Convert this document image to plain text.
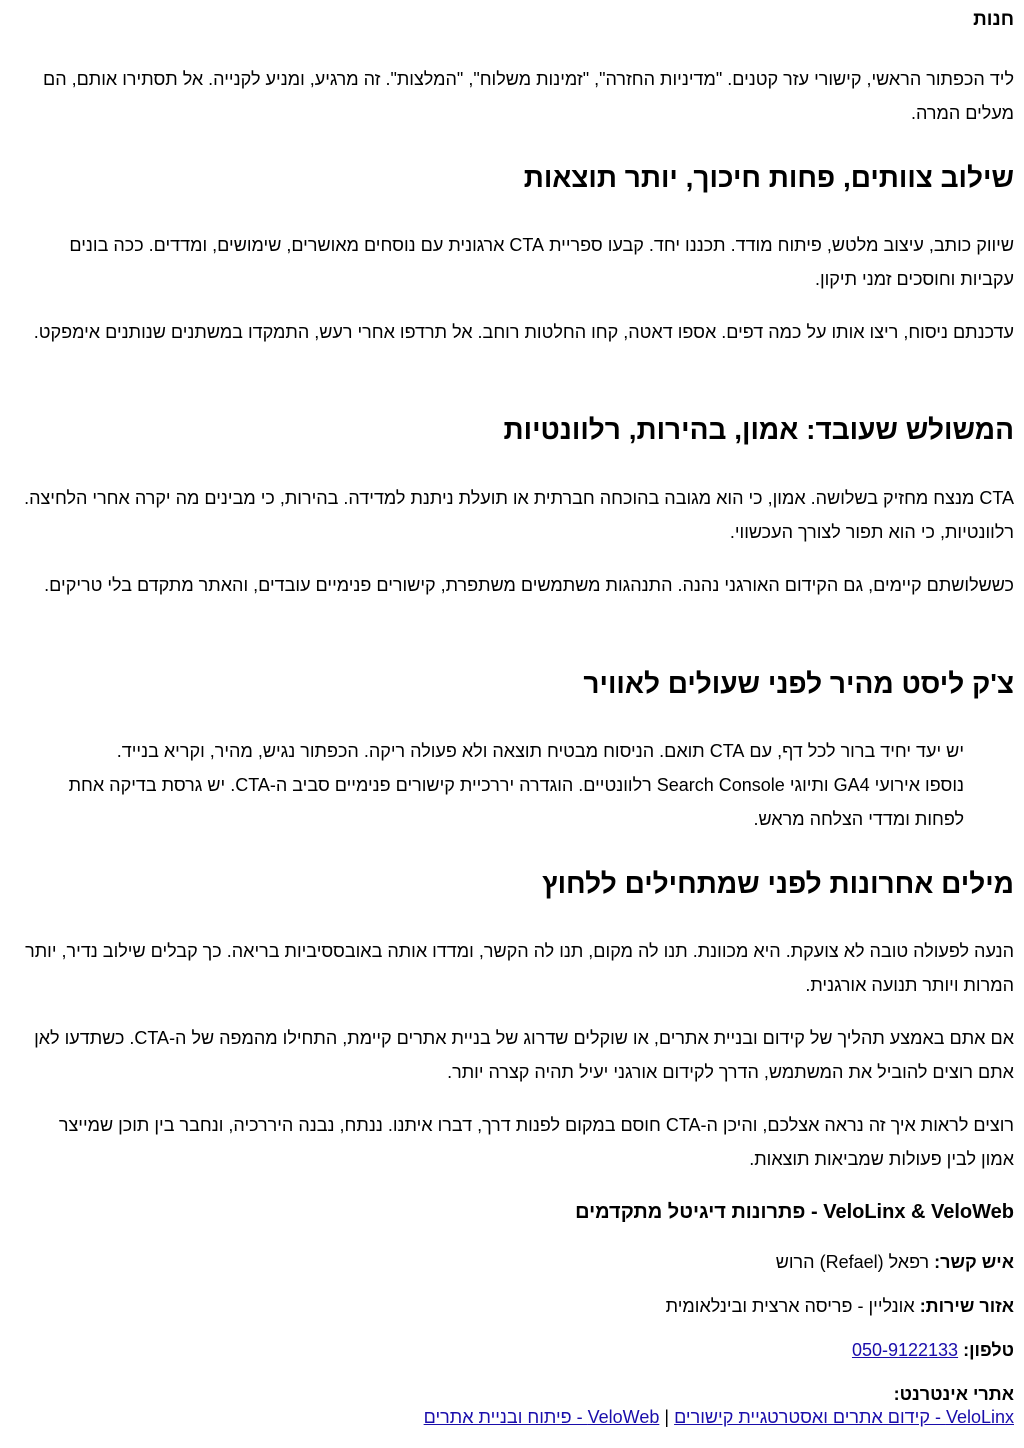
חנות

ליד הכפתור הראשי, קישורי עזר קטנים. "מדיניות החזרה", "זמינות משלוח", "המלצות". זה מרגיע, ומניע לקנייה. אל תסתירו אותם, הם מעלים המרה.

שילוב צוותים, פחות חיכוך, יותר תוצאות

שיווק כותב, עיצוב מלטש, פיתוח מודד. תכננו יחד. קבעו ספריית CTA ארגונית עם נוסחים מאושרים, שימושים, ומדדים. ככה בונים עקביות וחוסכים זמני תיקון.

עדכנתם ניסוח, ריצו אותו על כמה דפים. אספו דאטה, קחו החלטות רוחב. אל תרדפו אחרי רעש, התמקדו במשתנים שנותנים אימפקט.

המשולש שעובד: אמון, בהירות, רלוונטיות

CTA מנצח מחזיק בשלושה. אמון, כי הוא מגובה בהוכחה חברתית או תועלת ניתנת למדידה. בהירות, כי מבינים מה יקרה אחרי הלחיצה. רלוונטיות, כי הוא תפור לצורך העכשווי.

כששלושתם קיימים, גם הקידום האורגני נהנה. התנהגות משתמשים משתפרת, קישורים פנימיים עובדים, והאתר מתקדם בלי טריקים.

צ'ק ליסט מהיר לפני שעולים לאוויר
יש יעד יחיד ברור לכל דף, עם CTA תואם. הניסוח מבטיח תוצאה ולא פעולה ריקה. הכפתור נגיש, מהיר, וקריא בנייד.
נוספו אירועי GA4 ותיוגי Search Console רלוונטיים. הוגדרה יררכיית קישורים פנימיים סביב ה-CTA. יש גרסת בדיקה אחת לפחות ומדדי הצלחה מראש.
מילים אחרונות לפני שמתחילים ללחוץ

הנעה לפעולה טובה לא צועקת. היא מכוונת. תנו לה מקום, תנו לה הקשר, ומדדו אותה באובססיביות בריאה. כך קבלים שילוב נדיר, יותר המרות ויותר תנועה אורגנית.

אם אתם באמצע תהליך של קידום ובניית אתרים, או שוקלים שדרוג של בניית אתרים קיימת, התחילו מהמפה של ה-CTA. כשתדעו לאן אתם רוצים להוביל את המשתמש, הדרך לקידום אורגני יעיל תהיה קצרה יותר.

רוצים לראות איך זה נראה אצלכם, והיכן ה-CTA חוסם במקום לפנות דרך, דברו איתנו. ננתח, נבנה היררכיה, ונחבר בין תוכן שמייצר אמון לבין פעולות שמביאות תוצאות.

VeloLinx & VeloWeb - פתרונות דיגיטל מתקדמים
איש קשר: רפאל (Refael) הרוש
אזור שירות: אונליין - פריסה ארצית ובינלאומית
טלפון: 050-9122133
אתרי אינטרנט:
VeloLinx - קידום אתרים ואסטרטגיית קישורים | VeloWeb - פיתוח ובניית אתרים
